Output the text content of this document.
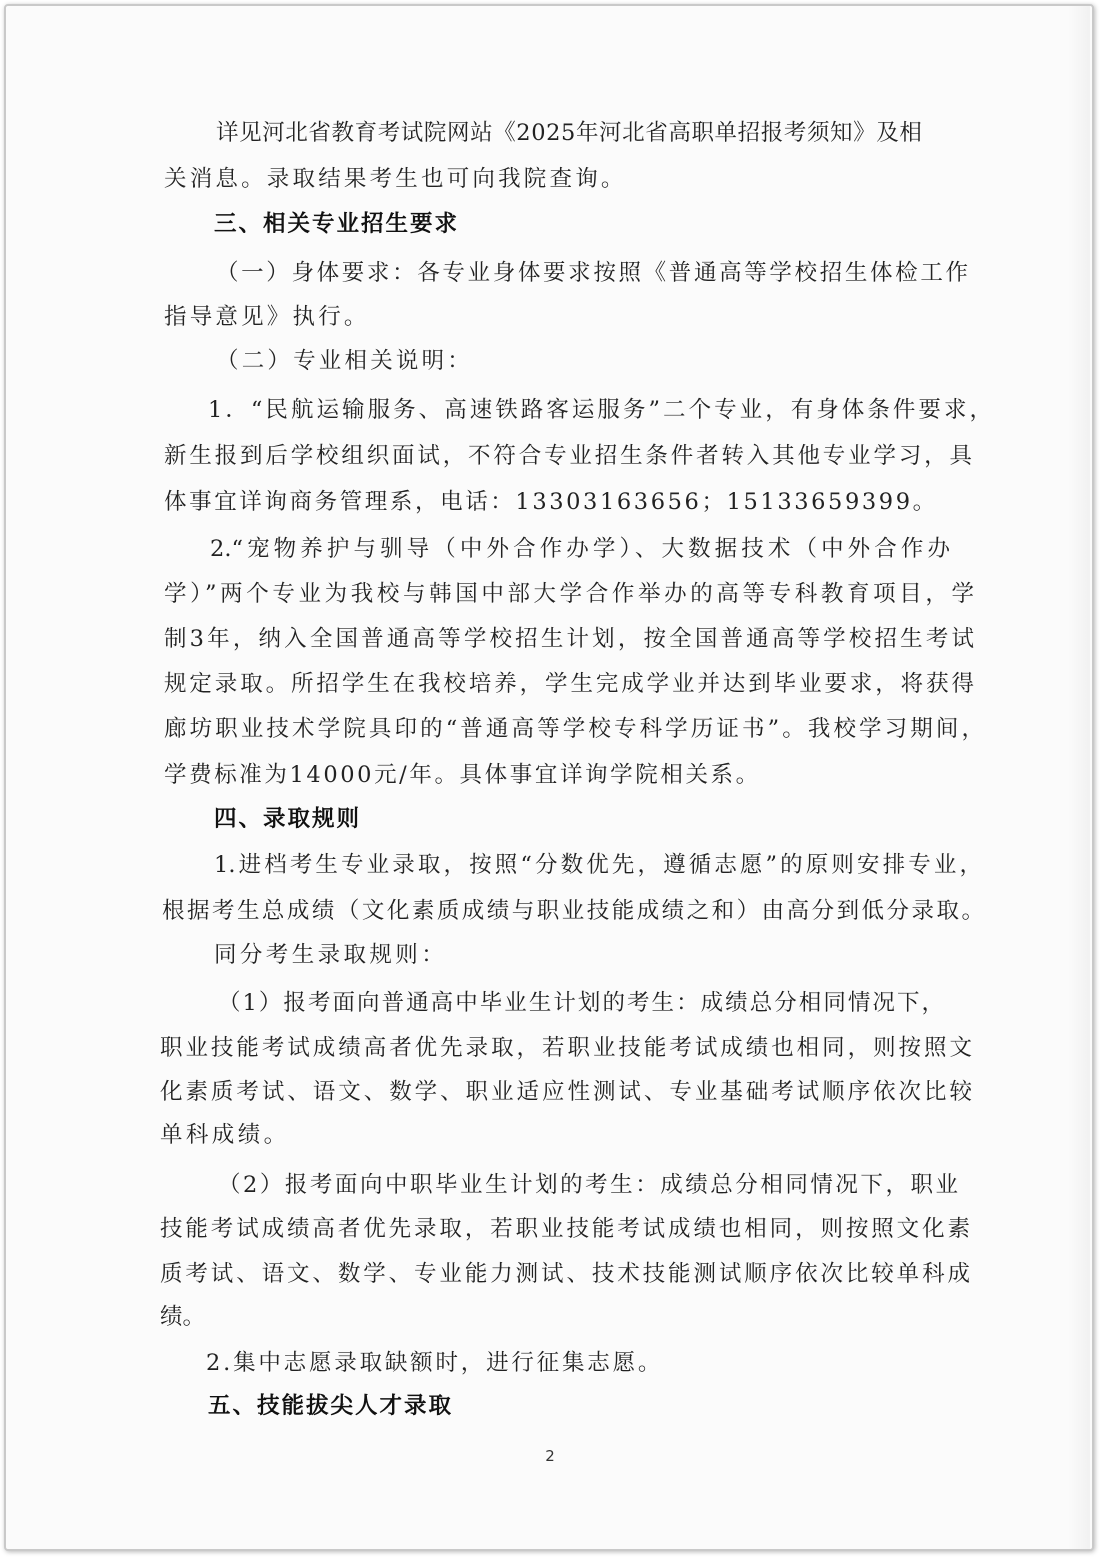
详见河北省教育考试院网站《2025年河北省高职单招报考须知》及相
关消息。录取结果考生也可向我院查询。
三、相关专业招生要求
（一）身体要求：各专业身体要求按照《普通高等学校招生体检工作
指导意见》执行。
（二）专业相关说明：
1．“民航运输服务、高速铁路客运服务”二个专业，有身体条件要求，
新生报到后学校组织面试，不符合专业招生条件者转入其他专业学习，具
体事宜详询商务管理系，电话：13303163656；15133659399。
2.“宠物养护与驯导（中外合作办学）、大数据技术（中外合作办
学）”两个专业为我校与韩国中部大学合作举办的高等专科教育项目，学
制3年，纳入全国普通高等学校招生计划，按全国普通高等学校招生考试
规定录取。所招学生在我校培养，学生完成学业并达到毕业要求，将获得
廊坊职业技术学院具印的“普通高等学校专科学历证书”。我校学习期间，
学费标准为14000元/年。具体事宜详询学院相关系。
四、录取规则
1.进档考生专业录取，按照“分数优先，遵循志愿”的原则安排专业，
根据考生总成绩（文化素质成绩与职业技能成绩之和）由高分到低分录取。
同分考生录取规则：
（1）报考面向普通高中毕业生计划的考生：成绩总分相同情况下，
职业技能考试成绩高者优先录取，若职业技能考试成绩也相同，则按照文
化素质考试、语文、数学、职业适应性测试、专业基础考试顺序依次比较
单科成绩。
（2）报考面向中职毕业生计划的考生：成绩总分相同情况下，职业
技能考试成绩高者优先录取，若职业技能考试成绩也相同，则按照文化素
质考试、语文、数学、专业能力测试、技术技能测试顺序依次比较单科成
绩。
2.集中志愿录取缺额时，进行征集志愿。
五、技能拔尖人才录取
2
